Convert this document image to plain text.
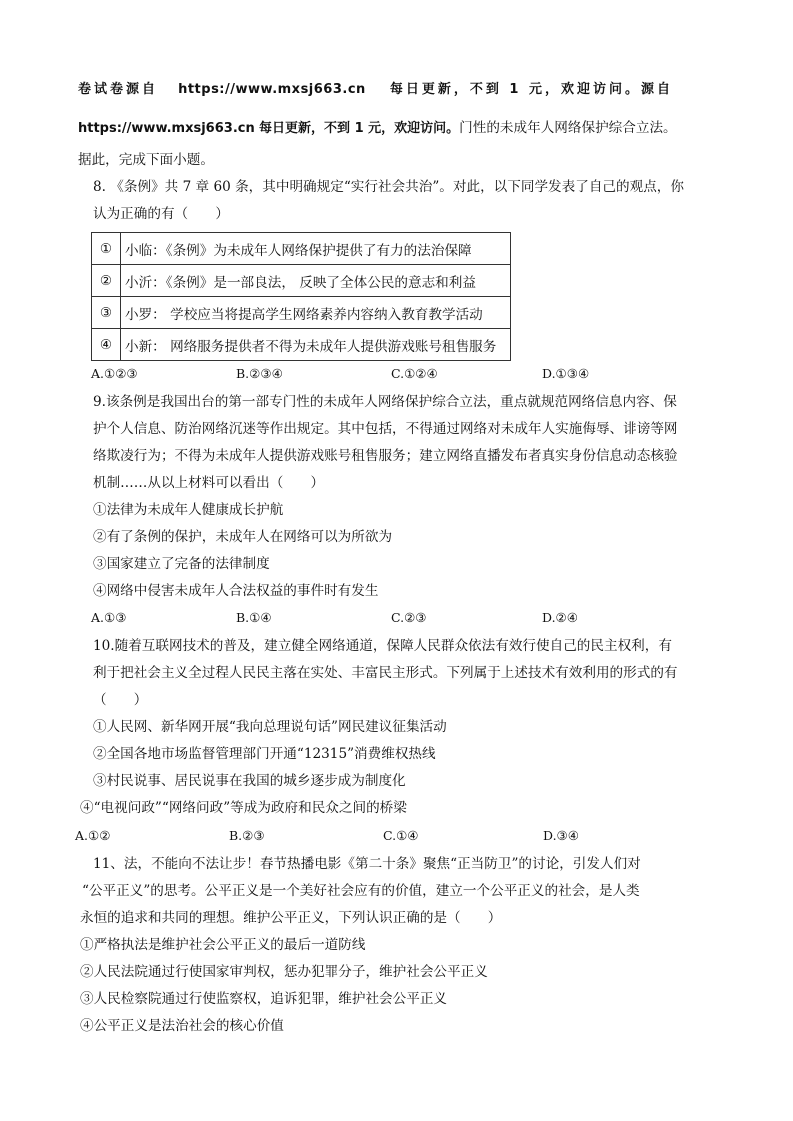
卷试卷源自 https://www.mxsj663.cn 每日更新，不到 1 元，欢迎访问。源自
https://www.mxsj663.cn 每日更新，不到 1 元，欢迎访问。门性的未成年人网络保护综合立法。
据此，完成下面小题。
8. 《条例》共 7 章 60 条，其中明确规定“实行社会共治”。对此，以下同学发表了自己的观点，你
认为正确的有（　　）
①	小临：《条例》为未成年人网络保护提供了有力的法治保障
②	小沂：《条例》是一部良法， 反映了全体公民的意志和利益
③	小罗： 学校应当将提高学生网络素养内容纳入教育教学活动
④	小新： 网络服务提供者不得为未成年人提供游戏账号租售服务
A.①②③	B.②③④	C.①②④	D.①③④
9.该条例是我国出台的第一部专门性的未成年人网络保护综合立法，重点就规范网络信息内容、保
护个人信息、防治网络沉迷等作出规定。其中包括，不得通过网络对未成年人实施侮辱、诽谤等网
络欺凌行为；不得为未成年人提供游戏账号租售服务；建立网络直播发布者真实身份信息动态核验
机制……从以上材料可以看出（　　）
①法律为未成年人健康成长护航
②有了条例的保护，未成年人在网络可以为所欲为
③国家建立了完备的法律制度
④网络中侵害未成年人合法权益的事件时有发生
A.①③	B.①④	C.②③	D.②④
10.随着互联网技术的普及，建立健全网络通道，保障人民群众依法有效行使自己的民主权利，有
利于把社会主义全过程人民民主落在实处、丰富民主形式。下列属于上述技术有效利用的形式的有
（　　）
①人民网、新华网开展“我向总理说句话”网民建议征集活动
②全国各地市场监督管理部门开通“12315”消费维权热线
③村民说事、居民说事在我国的城乡逐步成为制度化
④“电视问政”“网络问政”等成为政府和民众之间的桥梁
A.①②	B.②③	C.①④	D.③④
11、法，不能向不法让步！春节热播电影《第二十条》聚焦“正当防卫”的讨论，引发人们对
“公平正义”的思考。公平正义是一个美好社会应有的价值，建立一个公平正义的社会，是人类
永恒的追求和共同的理想。维护公平正义，下列认识正确的是（　　）
①严格执法是维护社会公平正义的最后一道防线
②人民法院通过行使国家审判权，惩办犯罪分子，维护社会公平正义
③人民检察院通过行使监察权，追诉犯罪，维护社会公平正义
④公平正义是法治社会的核心价值
